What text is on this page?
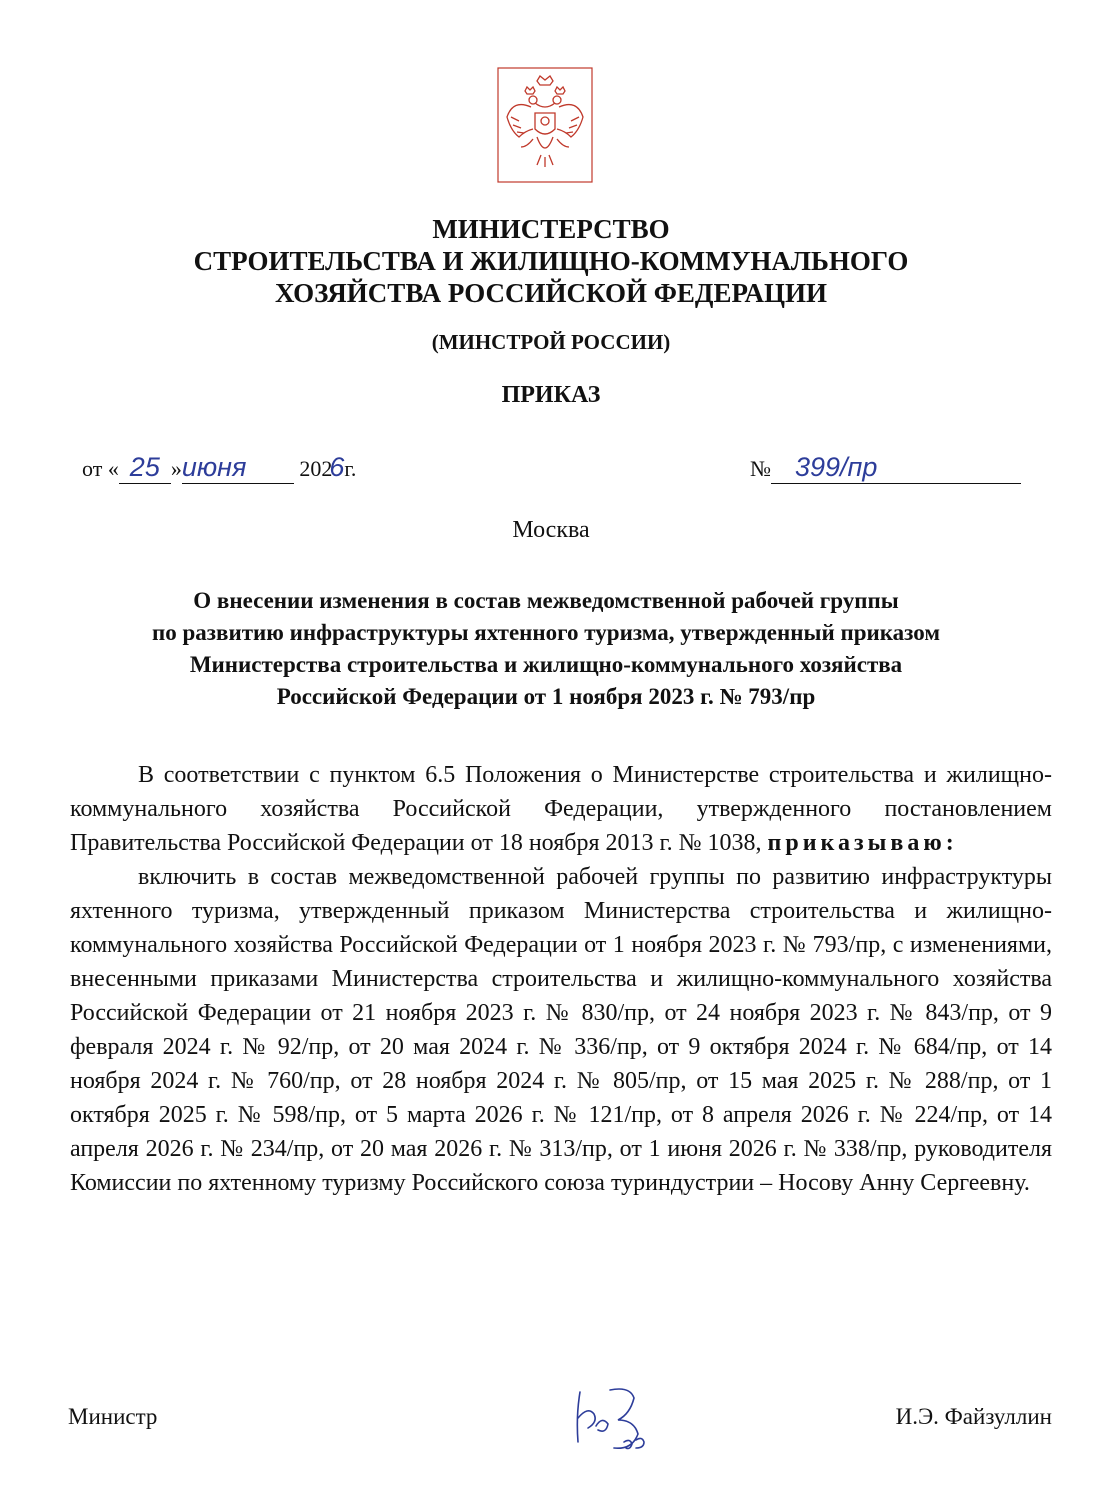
МИНИСТЕРСТВО
СТРОИТЕЛЬСТВА И ЖИЛИЩНО-КОММУНАЛЬНОГО
ХОЗЯЙСТВА РОССИЙСКОЙ ФЕДЕРАЦИИ
(МИНСТРОЙ РОССИИ)
ПРИКАЗ
от « 25 »июня 2026г.	№ 399/пр
Москва
О внесении изменения в состав межведомственной рабочей группы
по развитию инфраструктуры яхтенного туризма, утвержденный приказом
Министерства строительства и жилищно-коммунального хозяйства
Российской Федерации от 1 ноября 2023 г. № 793/пр

В соответствии с пунктом 6.5 Положения о Министерстве строительства и жилищно-коммунального хозяйства Российской Федерации, утвержденного постановлением Правительства Российской Федерации от 18 ноября 2013 г. № 1038, приказываю:

включить в состав межведомственной рабочей группы по развитию инфраструктуры яхтенного туризма, утвержденный приказом Министерства строительства и жилищно-коммунального хозяйства Российской Федерации от 1 ноября 2023 г. № 793/пр, с изменениями, внесенными приказами Министерства строительства и жилищно-коммунального хозяйства Российской Федерации от 21 ноября 2023 г. № 830/пр, от 24 ноября 2023 г. № 843/пр, от 9 февраля 2024 г. № 92/пр, от 20 мая 2024 г. № 336/пр, от 9 октября 2024 г. № 684/пр, от 14 ноября 2024 г. № 760/пр, от 28 ноября 2024 г. № 805/пр, от 15 мая 2025 г. № 288/пр, от 1 октября 2025 г. № 598/пр, от 5 марта 2026 г. № 121/пр, от 8 апреля 2026 г. № 224/пр, от 14 апреля 2026 г. № 234/пр, от 20 мая 2026 г. № 313/пр, от 1 июня 2026 г. № 338/пр, руководителя Комиссии по яхтенному туризму Российского союза туриндустрии – Носову Анну Сергеевну.

Министр	И.Э. Файзуллин
